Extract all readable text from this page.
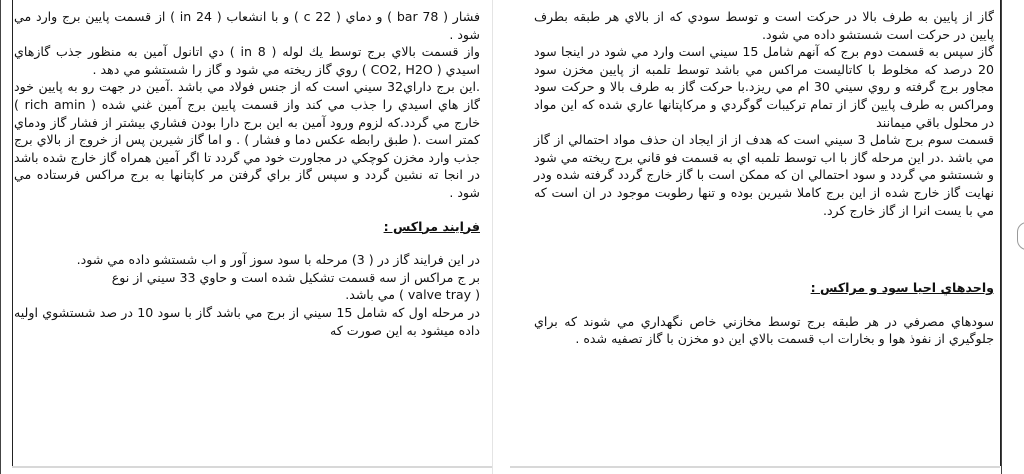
فشار ( 78 bar ) و دماي ( 22 c ) و با انشعاب ( 24 in ) از قسمت پايين برج وارد مي شود .

واز قسمت بالاي برج توسط يك لوله ( 8 in ) دي اتانول آمين به منظور جذب گازهاي اسيدي ( CO2, H2O ) روي گاز ريخته مي شود و گاز را شستشو مي دهد .

.اين برج داراي32 سيني است كه از جنس فولاد مي باشد .آمين در جهت رو به پايين خود گاز هاي اسيدي را جذب مي كند واز قسمت پايين برج آمين غني شده ( rich amin ) خارج مي گردد.كه لزوم ورود آمين به اين برج دارا بودن فشاري بيشتر از فشار گاز ودماي كمتر است .( طبق رابطه عكس دما و فشار ) . و اما گاز شيرين پس از خروج از بالاي برج جذب وارد مخزن كوچكي در مجاورت خود مي گردد تا اگر آمين همراه گاز خارج شده باشد در انجا ته نشين گردد و سپس گاز براي گرفتن مر كاپتانها به برج مراكس فرستاده مي شود .

فرايند مراكس :

در اين فرايند گاز در ( 3) مرحله با سود سوز آور و اب شستشو داده مي شود.

بر ج مراكس از سه قسمت تشكيل شده است و حاوي 33 سيني از نوع

( valve tray ) مي باشد.

در مرحله اول كه شامل 15 سيني از برج مي باشد گاز با سود 10 در صد شستشوي اوليه داده ميشود به اين صورت كه

گاز از پايين به طرف بالا در حركت است و توسط سودي كه از بالاي هر طبقه بطرف پايين در حركت است شستشو داده مي شود.

گاز سپس به قسمت دوم برج كه آنهم شامل 15 سيني است وارد مي شود در اينجا سود 20 درصد كه مخلوط با كاتاليست مراكس مي باشد توسط تلمبه از پايين مخزن سود مجاور برج گرفته و روي سيني 30 ام مي ريزد.با حركت گاز به طرف بالا و حركت سود ومراكس به طرف پايين گاز از تمام تركيبات گوگردي و مركاپتانها عاري شده كه اين مواد در محلول باقي ميمانند

قسمت سوم برج شامل 3 سيني است كه هدف از از ايجاد ان حذف مواد احتمالي از گاز مي باشد .در اين مرحله گاز با اب توسط تلمبه اي به قسمت فو قاني برج ريخته مي شود و شستشو مي گردد و سود احتمالي ان كه ممكن است با گاز خارج گردد گرفته شده ودر نهايت گاز خارج شده از اين برج كاملا شيرين بوده و تنها رطوبت موجود در ان است كه مي با يست انرا از گاز خارج كرد.

واحدهاي احيا سود و مراكس :

سودهاي مصرفي در هر طبقه برج توسط مخازني خاص نگهداري مي شوند كه براي جلوگيري از نفوذ هوا و بخارات اب قسمت بالاي اين دو مخزن با گاز تصفيه شده .
